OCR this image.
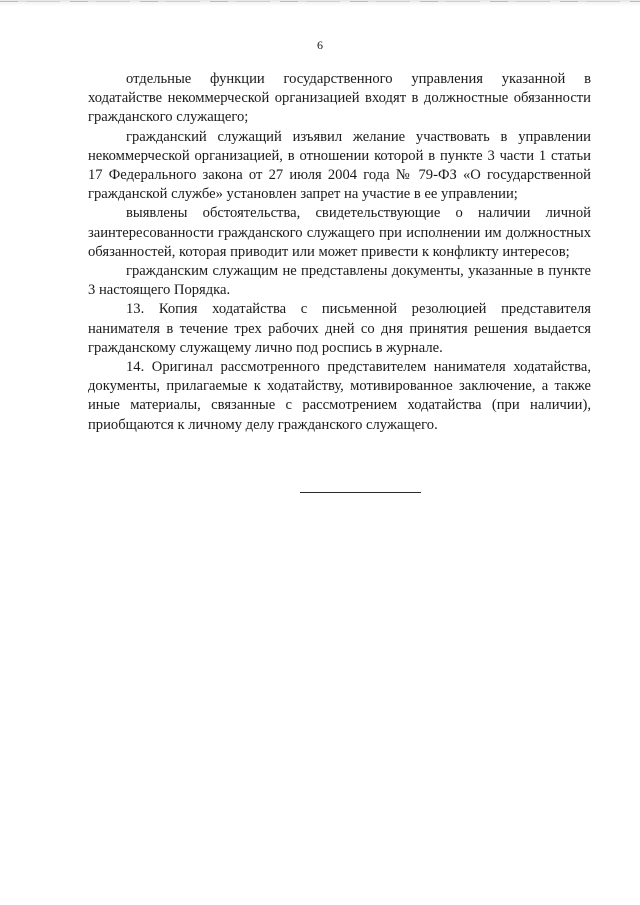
6

отдельные функции государственного управления указанной в ходатайстве некоммерческой организацией входят в должностные обязанности гражданского служащего;

гражданский служащий изъявил желание участвовать в управлении некоммерческой организацией, в отношении которой в пункте 3 части 1 статьи 17 Федерального закона от 27 июля 2004 года № 79-ФЗ «О государственной гражданской службе» установлен запрет на участие в ее управлении;

выявлены обстоятельства, свидетельствующие о наличии личной заинтересованности гражданского служащего при исполнении им должностных обязанностей, которая приводит или может привести к конфликту интересов;

гражданским служащим не представлены документы, указанные в пункте 3 настоящего Порядка.

13. Копия ходатайства с письменной резолюцией представителя нанимателя в течение трех рабочих дней со дня принятия решения выдается гражданскому служащему лично под роспись в журнале.

14. Оригинал рассмотренного представителем нанимателя ходатайства, документы, прилагаемые к ходатайству, мотивированное заключение, а также иные материалы, связанные с рассмотрением ходатайства (при наличии), приобщаются к личному делу гражданского служащего.
